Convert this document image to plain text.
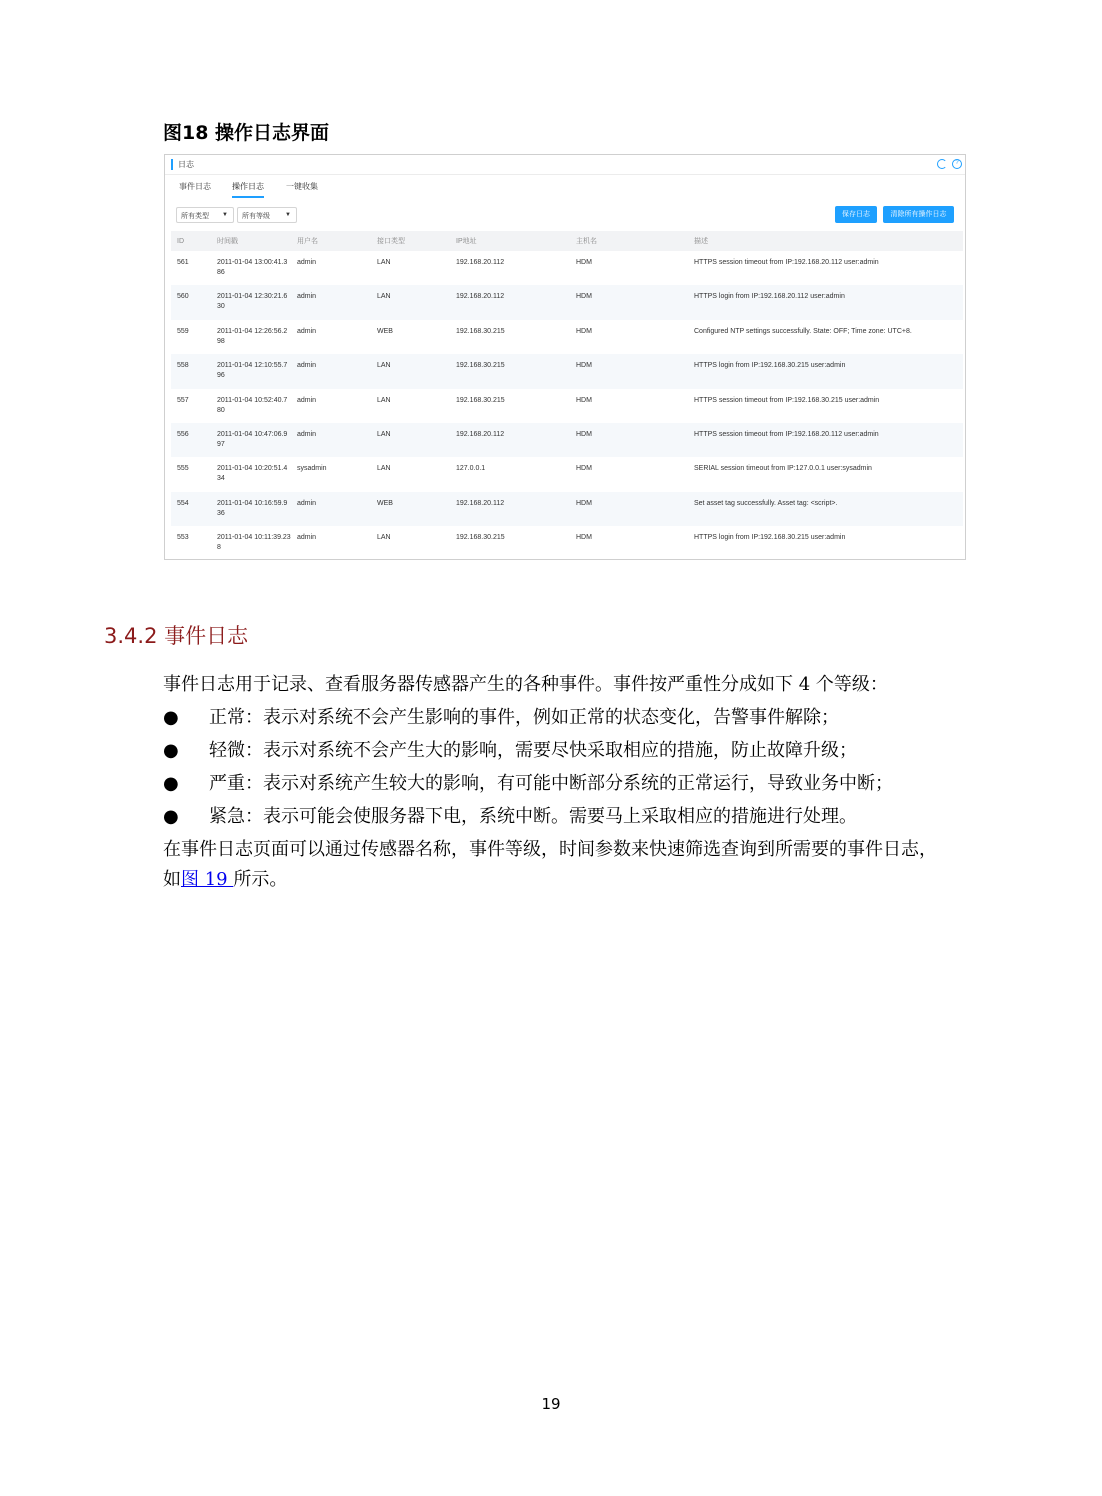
图18 操作日志界面
日志	?
事件日志	操作日志	一键收集
所有类型 ▼	所有等级	▼	保存日志	清除所有操作日志
ID	时间戳	用户名	接口类型	IP地址	主机名	描述
561	2011-01-04 13:00:41.386	admin	LAN	192.168.20.112	HDM	HTTPS session timeout from IP:192.168.20.112 user:admin
560	2011-01-04 12:30:21.630	admin	LAN	192.168.20.112	HDM	HTTPS login from IP:192.168.20.112 user:admin
559	2011-01-04 12:26:56.298	admin	WEB	192.168.30.215	HDM	Configured NTP settings successfully. State: OFF; Time zone: UTC+8.
558	2011-01-04 12:10:55.796	admin	LAN	192.168.30.215	HDM	HTTPS login from IP:192.168.30.215 user:admin
557	2011-01-04 10:52:40.780	admin	LAN	192.168.30.215	HDM	HTTPS session timeout from IP:192.168.30.215 user:admin
556	2011-01-04 10:47:06.997	admin	LAN	192.168.20.112	HDM	HTTPS session timeout from IP:192.168.20.112 user:admin
555	2011-01-04 10:20:51.434	sysadmin	LAN	127.0.0.1	HDM	SERIAL session timeout from IP:127.0.0.1 user:sysadmin
554	2011-01-04 10:16:59.936	admin	WEB	192.168.20.112	HDM	Set asset tag successfully. Asset tag: <script>.
553	2011-01-04 10:11:39.238	admin	LAN	192.168.30.215	HDM	HTTPS login from IP:192.168.30.215 user:admin
3.4.2 事件日志
事件日志用于记录、查看服务器传感器产生的各种事件。事件按严重性分成如下 4 个等级：
● 正常：表示对系统不会产生影响的事件，例如正常的状态变化，告警事件解除；
● 轻微：表示对系统不会产生大的影响，需要尽快采取相应的措施，防止故障升级；
● 严重：表示对系统产生较大的影响，有可能中断部分系统的正常运行，导致业务中断；
● 紧急：表示可能会使服务器下电，系统中断。需要马上采取相应的措施进行处理。
在事件日志页面可以通过传感器名称，事件等级，时间参数来快速筛选查询到所需要的事件日志，
如图 19 所示。
19
